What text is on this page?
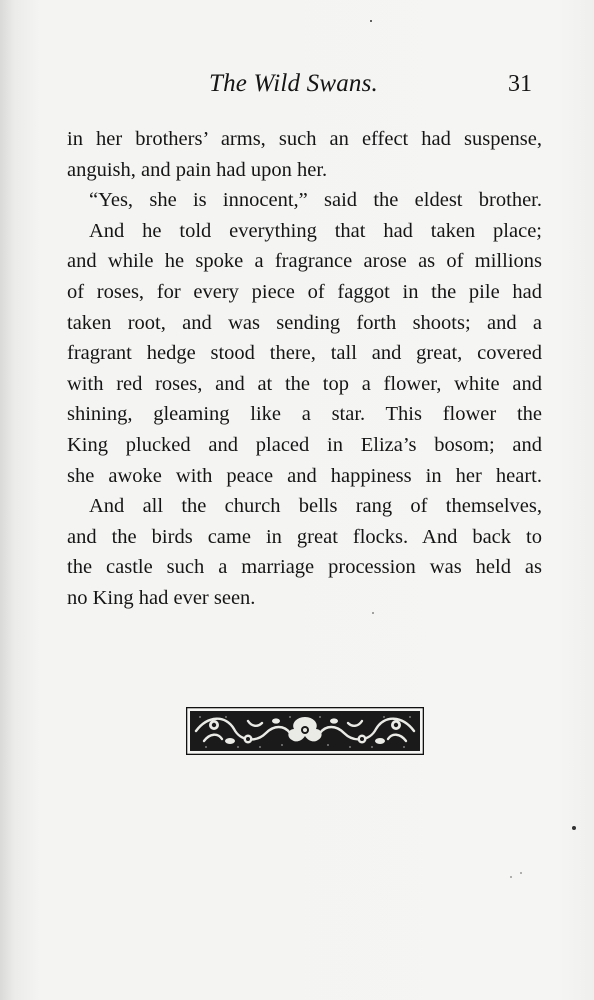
The Wild Swans.	31
in her brothers’ arms, such an effect had suspense,
anguish, and pain had upon her.
“Yes, she is innocent,” said the eldest brother.
And he told everything that had taken place;
and while he spoke a fragrance arose as of millions
of roses, for every piece of faggot in the pile had
taken root, and was sending forth shoots; and a
fragrant hedge stood there, tall and great, covered
with red roses, and at the top a flower, white and
shining, gleaming like a star. This flower the
King plucked and placed in Eliza’s bosom; and
she awoke with peace and happiness in her heart.
And all the church bells rang of themselves,
and the birds came in great flocks. And back to
the castle such a marriage procession was held as
no King had ever seen.
